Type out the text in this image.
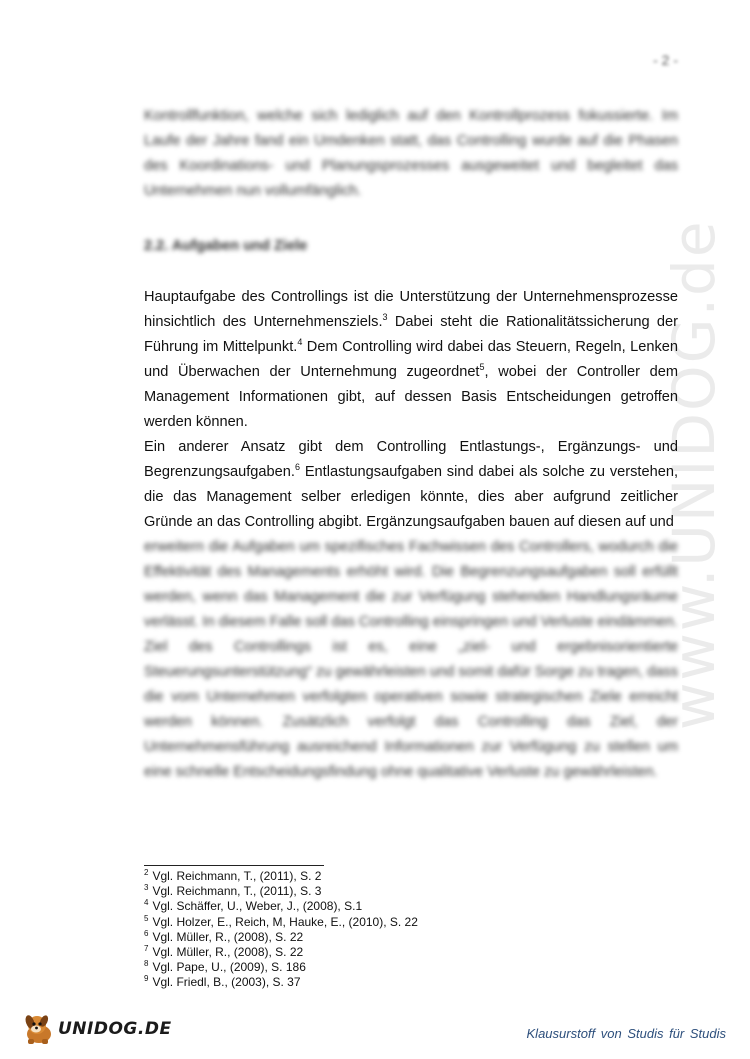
- 2 -
www.UNIDOG.de

Kontrollfunktion, welche sich lediglich auf den Kontrollprozess fokussierte. Im Laufe der Jahre fand ein Umdenken statt, das Controlling wurde auf die Phasen des Koordinations- und Planungsprozesses ausgeweitet und begleitet das Unternehmen nun vollumfänglich.

2.2. Aufgaben und Ziele

Hauptaufgabe des Controllings ist die Unterstützung der Unternehmensprozesse hinsichtlich des Unternehmensziels.$^3$ Dabei steht die Rationalitätssicherung der Führung im Mittelpunkt.$^4$ Dem Controlling wird dabei das Steuern, Regeln, Lenken und Überwachen der Unternehmung zugeordnet$^5$, wobei der Controller dem Management Informationen gibt, auf dessen Basis Entscheidungen getroffen werden können.

Ein anderer Ansatz gibt dem Controlling Entlastungs-, Ergänzungs- und Begrenzungsaufgaben.$^6$ Entlastungsaufgaben sind dabei als solche zu verstehen, die das Management selber erledigen könnte, dies aber aufgrund zeitlicher Gründe an das Controlling abgibt. Ergänzungsaufgaben bauen auf diesen auf und

erweitern die Aufgaben um spezifisches Fachwissen des Controllers, wodurch die Effektivität des Managements erhöht wird. Die Begrenzungsaufgaben soll erfüllt werden, wenn das Management die zur Verfügung stehenden Handlungsräume verlässt. In diesem Falle soll das Controlling einspringen und Verluste eindämmen.

Ziel des Controllings ist es, eine „ziel- und ergebnisorientierte Steuerungsunterstützung“ zu gewährleisten und somit dafür Sorge zu tragen, dass die vom Unternehmen verfolgten operativen sowie strategischen Ziele erreicht werden können. Zusätzlich verfolgt das Controlling das Ziel, der Unternehmensführung ausreichend Informationen zur Verfügung zu stellen um eine schnelle Entscheidungsfindung ohne qualitative Verluste zu gewährleisten.

$^2$ Vgl. Reichmann, T., (2011), S. 2
$^3$ Vgl. Reichmann, T., (2011), S. 3
$^4$ Vgl. Schäffer, U., Weber, J., (2008), S.1
$^5$ Vgl. Holzer, E., Reich, M, Hauke, E., (2010), S. 22
$^6$ Vgl. Müller, R., (2008), S. 22
$^7$ Vgl. Müller, R., (2008), S. 22
$^8$ Vgl. Pape, U., (2009), S. 186
$^9$ Vgl. Friedl, B., (2003), S. 37
UNIDOG.DE	Klausurstoff von Studis für Studis
